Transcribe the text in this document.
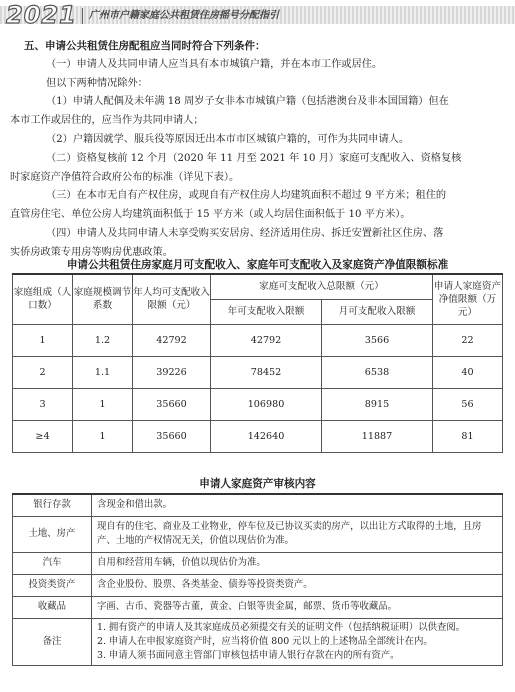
2021 广州市户籍家庭公共租赁住房摇号分配指引

五、申请公共租赁住房配租应当同时符合下列条件：

（一）申请人及共同申请人应当具有本市城镇户籍，并在本市工作或居住。

但以下两种情况除外：

（1）申请人配偶及未年满 18 周岁子女非本市城镇户籍（包括港澳台及非本国国籍）但在

本市工作或居住的，应当作为共同申请人；

（2）户籍因就学、服兵役等原因迁出本市市区城镇户籍的，可作为共同申请人。

（二）资格复核前 12 个月（2020 年 11 月至 2021 年 10 月）家庭可支配收入、资格复核

时家庭资产净值符合政府公布的标准（详见下表）。

（三）在本市无自有产权住房，或现自有产权住房人均建筑面积不超过 9 平方米；租住的

直管房住宅、单位公房人均建筑面积低于 15 平方米（或人均居住面积低于 10 平方米）。

（四）申请人及共同申请人未享受购买安居房、经济适用住房、拆迁安置新社区住房、落

实侨房政策专用房等购房优惠政策。

申请公共租赁住房家庭月可支配收入、家庭年可支配收入及家庭资产净值限额标准
家庭组成（人口数）	家庭规模调节系数	年人均可支配收入限额（元）	家庭可支配收入总限额（元）		申请人家庭资产净值限额（万元）
			年可支配收入限额	月可支配收入限额	
1	1.2	42792	42792	3566	22
2	1.1	39226	78452	6538	40
3	1	35660	106980	8915	56
≥4	1	35660	142640	11887	81
申请人家庭资产审核内容
银行存款	含现金和借出款。
土地、房产	现自有的住宅、商业及工业物业，停车位及已协议买卖的房产，以出让方式取得的土地，且房产、土地的产权情况无关，价值以现估价为准。
汽车	自用和经营用车辆，价值以现估价为准。
投资类资产	含企业股份、股票、各类基金、债券等投资类资产。
收藏品	字画、古币、瓷器等古董，黄金、白银等贵金属，邮票、货币等收藏品。
备注	1. 拥有资产的申请人及其家庭成员必须提交有关的证明文件（包括纳税证明）以供查阅。
2. 申请人在申报家庭资产时，应当将价值 800 元以上的上述物品全部统计在内。
3. 申请人须书面同意主管部门审核包括申请人银行存款在内的所有资产。
